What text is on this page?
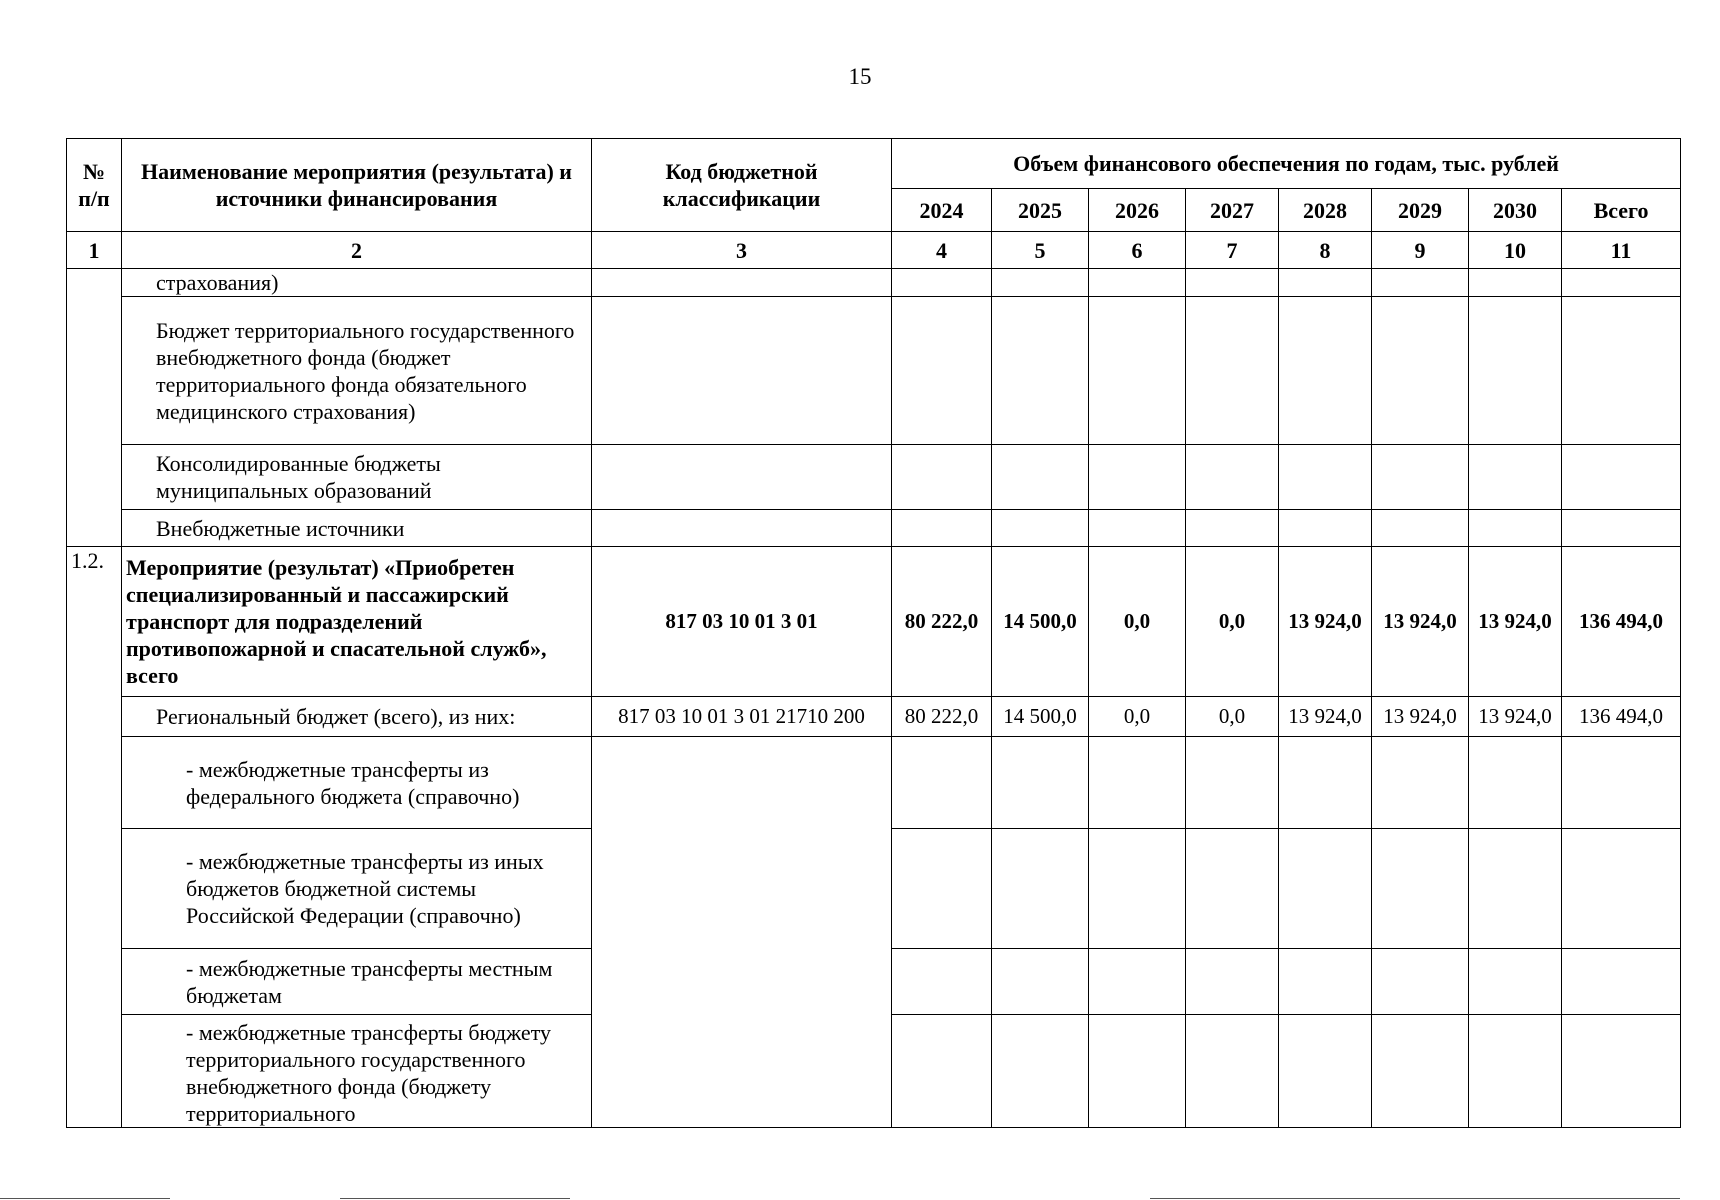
15
№ п/п	Наименование мероприятия (результата) и источники финансирования	Код бюджетной классификации	Объем финансового обеспечения по годам, тыс. рублей							
			2024	2025	2026	2027	2028	2029	2030	Всего
1	2	3	4	5	6	7	8	9	10	11
	страхования)									
	Бюджет территориального государственного внебюджетного фонда (бюджет территориального фонда обязательного медицинского страхования)									
	Консолидированные бюджеты муниципальных образований									
	Внебюджетные источники									
1.2.	Мероприятие (результат) «Приобретен специализированный и пассажирский транспорт для подразделений противопожарной и спасательной служб», всего	817 03 10 01 3 01	80 222,0	14 500,0	0,0	0,0	13 924,0	13 924,0	13 924,0	136 494,0
	Региональный бюджет (всего), из них:	817 03 10 01 3 01 21710 200	80 222,0	14 500,0	0,0	0,0	13 924,0	13 924,0	13 924,0	136 494,0
	- межбюджетные трансферты из федерального бюджета (справочно)									
	- межбюджетные трансферты из иных бюджетов бюджетной системы Российской Федерации (справочно)									
	- межбюджетные трансферты местным бюджетам									
	- межбюджетные трансферты бюджету территориального государственного внебюджетного фонда (бюджету территориального									
